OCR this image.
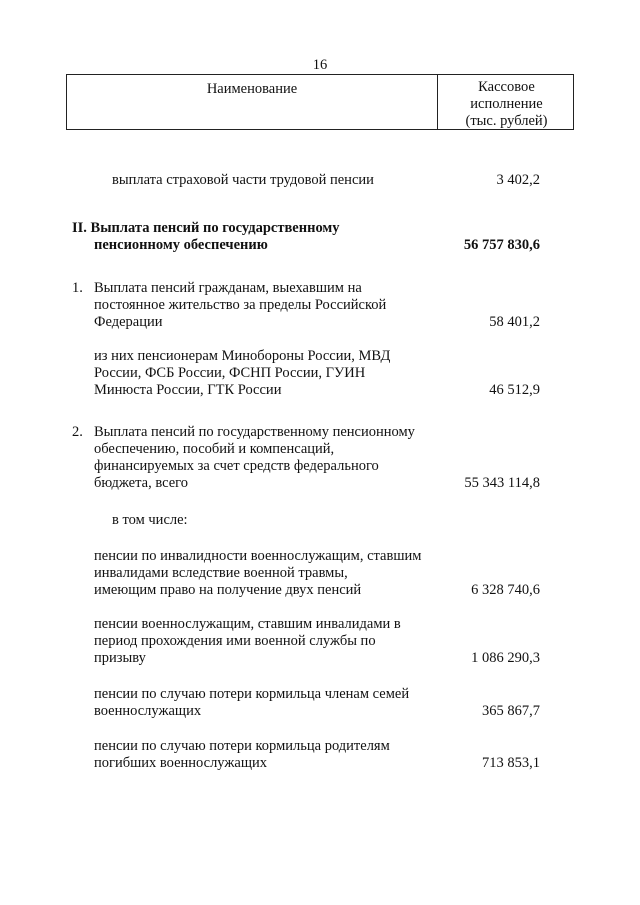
16
Наименование	Кассовое
исполнение
(тыс. рублей)
выплата страховой части трудовой пенсии	3 402,2
II. Выплата пенсий по государственному
пенсионному обеспечению	56 757 830,6
1. Выплата пенсий гражданам, выехавшим на
постоянное жительство за пределы Российской
Федерации	58 401,2
из них пенсионерам Минобороны России, МВД
России, ФСБ России, ФСНП России, ГУИН
Минюста России, ГТК России	46 512,9
2. Выплата пенсий по государственному пенсионному
обеспечению, пособий и компенсаций,
финансируемых за счет средств федерального
бюджета, всего	55 343 114,8
в том числе:
пенсии по инвалидности военнослужащим, ставшим
инвалидами вследствие военной травмы,
имеющим право на получение двух пенсий	6 328 740,6
пенсии военнослужащим, ставшим инвалидами в
период прохождения ими военной службы по
призыву	1 086 290,3
пенсии по случаю потери кормильца членам семей
военнослужащих	365 867,7
пенсии по случаю потери кормильца родителям
погибших военнослужащих	713 853,1
